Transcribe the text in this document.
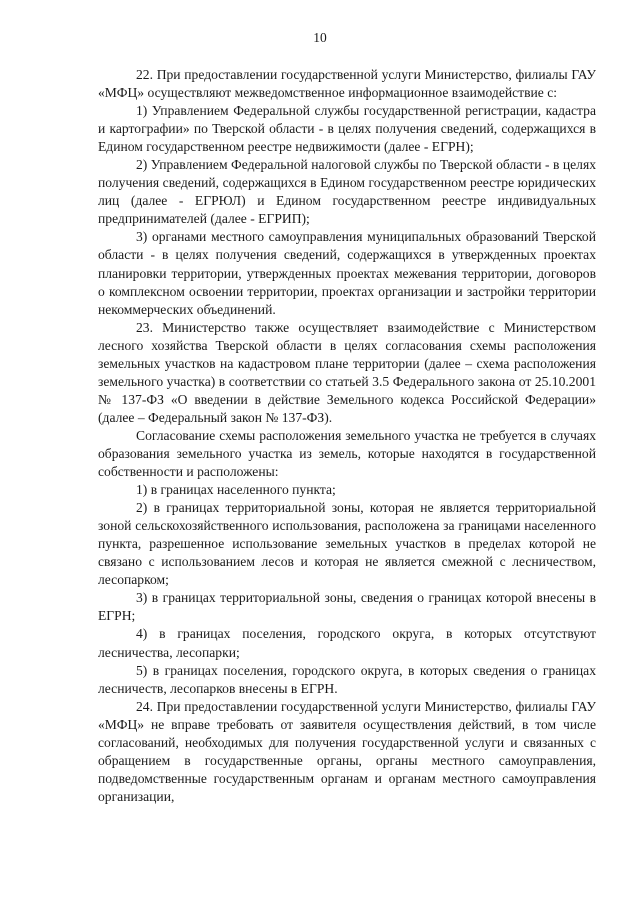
10

22. При предоставлении государственной услуги Министерство, филиалы ГАУ «МФЦ» осуществляют межведомственное информационное взаимодействие с:

1) Управлением Федеральной службы государственной регистрации, кадастра и картографии» по Тверской области - в целях получения сведений, содержащихся в Едином государственном реестре недвижимости (далее - ЕГРН);

2) Управлением Федеральной налоговой службы по Тверской области - в целях получения сведений, содержащихся в Едином государственном реестре юридических лиц (далее - ЕГРЮЛ) и Едином государственном реестре индивидуальных предпринимателей (далее - ЕГРИП);

3) органами местного самоуправления муниципальных образований Тверской области - в целях получения сведений, содержащихся в утвержденных проектах планировки территории, утвержденных проектах межевания территории, договоров о комплексном освоении территории, проектах организации и застройки территории некоммерческих объединений.

23. Министерство также осуществляет взаимодействие с Министерством лесного хозяйства Тверской области в целях согласования схемы расположения земельных участков на кадастровом плане территории (далее – схема расположения земельного участка) в соответствии со статьей 3.5 Федерального закона от 25.10.2001 № 137-ФЗ «О введении в действие Земельного кодекса Российской Федерации» (далее – Федеральный закон № 137-ФЗ).

Согласование схемы расположения земельного участка не требуется в случаях образования земельного участка из земель, которые находятся в государственной собственности и расположены:

1) в границах населенного пункта;

2) в границах территориальной зоны, которая не является территориальной зоной сельскохозяйственного использования, расположена за границами населенного пункта, разрешенное использование земельных участков в пределах которой не связано с использованием лесов и которая не является смежной с лесничеством, лесопарком;

3) в границах территориальной зоны, сведения о границах которой внесены в ЕГРН;

4) в границах поселения, городского округа, в которых отсутствуют лесничества, лесопарки;

5) в границах поселения, городского округа, в которых сведения о границах лесничеств, лесопарков внесены в ЕГРН.

24. При предоставлении государственной услуги Министерство, филиалы ГАУ «МФЦ» не вправе требовать от заявителя осуществления действий, в том числе согласований, необходимых для получения государственной услуги и связанных с обращением в государственные органы, органы местного самоуправления, подведомственные государственным органам и органам местного самоуправления организации,
